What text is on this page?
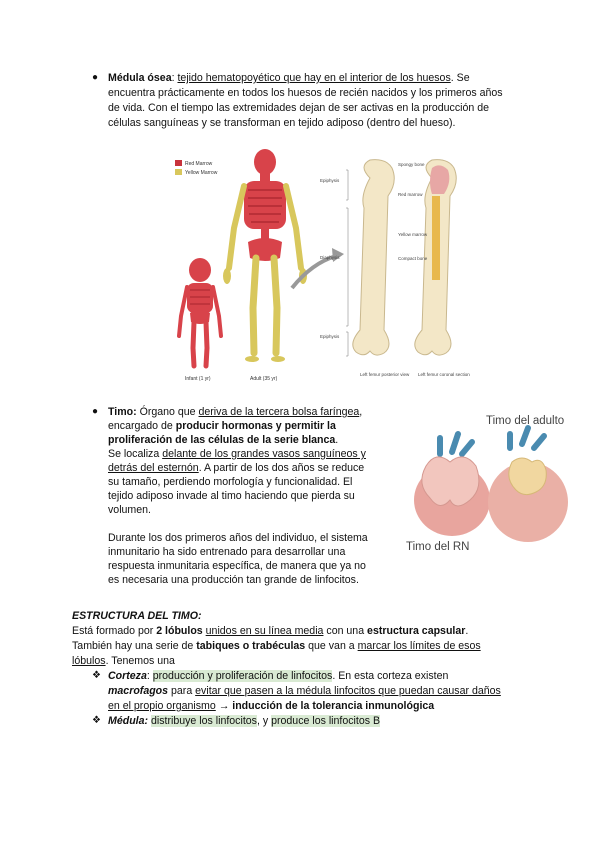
● Médula ósea: tejido hematopoyético que hay en el interior de los huesos. Se
encuentra prácticamente en todos los huesos de recién nacidos y los primeros años
de vida. Con el tiempo las extremidades dejan de ser activas en la producción de
células sanguíneas y se transforman en tejido adiposo (dentro del hueso).
Red Marrow
Yellow Marrow
Adult (35 yr)
Infant (1 yr)
Epiphysis
Diaphysis
Epiphysis
Spongy bone
Red marrow
Yellow marrow
Compact bone
Left femur posterior view Left femur coronal section
● Timo: Órgano que deriva de la tercera bolsa faríngea,
encargado de producir hormonas y permitir la
proliferación de las células de la serie blanca.
Se localiza delante de los grandes vasos sanguíneos y
detrás del esternón. A partir de los dos años se reduce
su tamaño, perdiendo morfología y funcionalidad. El
tejido adiposo invade al timo haciendo que pierda su
volumen.
Durante los dos primeros años del individuo, el sistema
inmunitario ha sido entrenado para desarrollar una
respuesta inmunitaria específica, de manera que ya no
es necesaria una producción tan grande de linfocitos.
Timo del adulto
Timo del RN
ESTRUCTURA DEL TIMO:
Está formado por 2 lóbulos unidos en su línea media con una estructura capsular.
También hay una serie de tabiques o trabéculas que van a marcar los límites de esos
lóbulos. Tenemos una
❖ Corteza: producción y proliferación de linfocitos. En esta corteza existen
macrofagos para evitar que pasen a la médula linfocitos que puedan causar daños
en el propio organismo → inducción de la tolerancia inmunológica
❖ Médula: distribuye los linfocitos, y produce los linfocitos B
